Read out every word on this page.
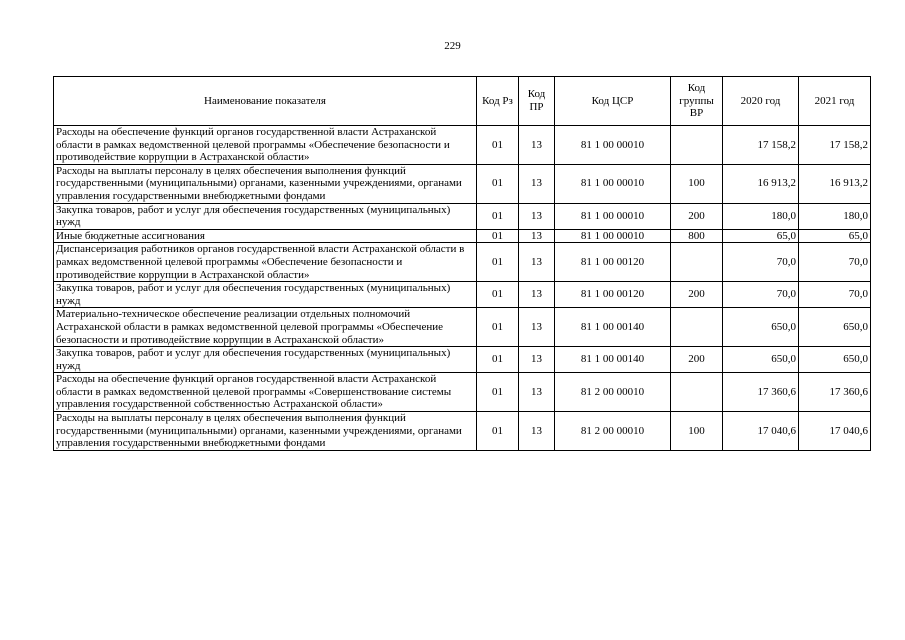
229
Наименование показателя	Код Рз	Код ПР	Код ЦСР	Код группы ВР	2020 год	2021 год
Расходы на обеспечение функций органов государственной власти Астраханской области в рамках ведомственной целевой программы «Обеспечение безопасности и противодействие коррупции в Астраханской области»	01	13	81 1 00 00010		17 158,2	17 158,2
Расходы на выплаты персоналу в целях обеспечения выполнения функций государственными (муниципальными) органами, казенными учреждениями, органами управления государственными внебюджетными фондами	01	13	81 1 00 00010	100	16 913,2	16 913,2
Закупка товаров, работ и услуг для обеспечения государственных (муниципальных) нужд	01	13	81 1 00 00010	200	180,0	180,0
Иные бюджетные ассигнования	01	13	81 1 00 00010	800	65,0	65,0
Диспансеризация работников органов государственной власти Астраханской области в рамках ведомственной целевой программы «Обеспечение безопасности и противодействие коррупции в Астраханской области»	01	13	81 1 00 00120		70,0	70,0
Закупка товаров, работ и услуг для обеспечения государственных (муниципальных) нужд	01	13	81 1 00 00120	200	70,0	70,0
Материально-техническое обеспечение реализации отдельных полномочий Астраханской области в рамках ведомственной целевой программы «Обеспечение безопасности и противодействие коррупции в Астраханской области»	01	13	81 1 00 00140		650,0	650,0
Закупка товаров, работ и услуг для обеспечения государственных (муниципальных) нужд	01	13	81 1 00 00140	200	650,0	650,0
Расходы на обеспечение функций органов государственной власти Астраханской области в рамках ведомственной целевой программы «Совершенствование системы управления государственной собственностью Астраханской области»	01	13	81 2 00 00010		17 360,6	17 360,6
Расходы на выплаты персоналу в целях обеспечения выполнения функций государственными (муниципальными) органами, казенными учреждениями, органами управления государственными внебюджетными фондами	01	13	81 2 00 00010	100	17 040,6	17 040,6
